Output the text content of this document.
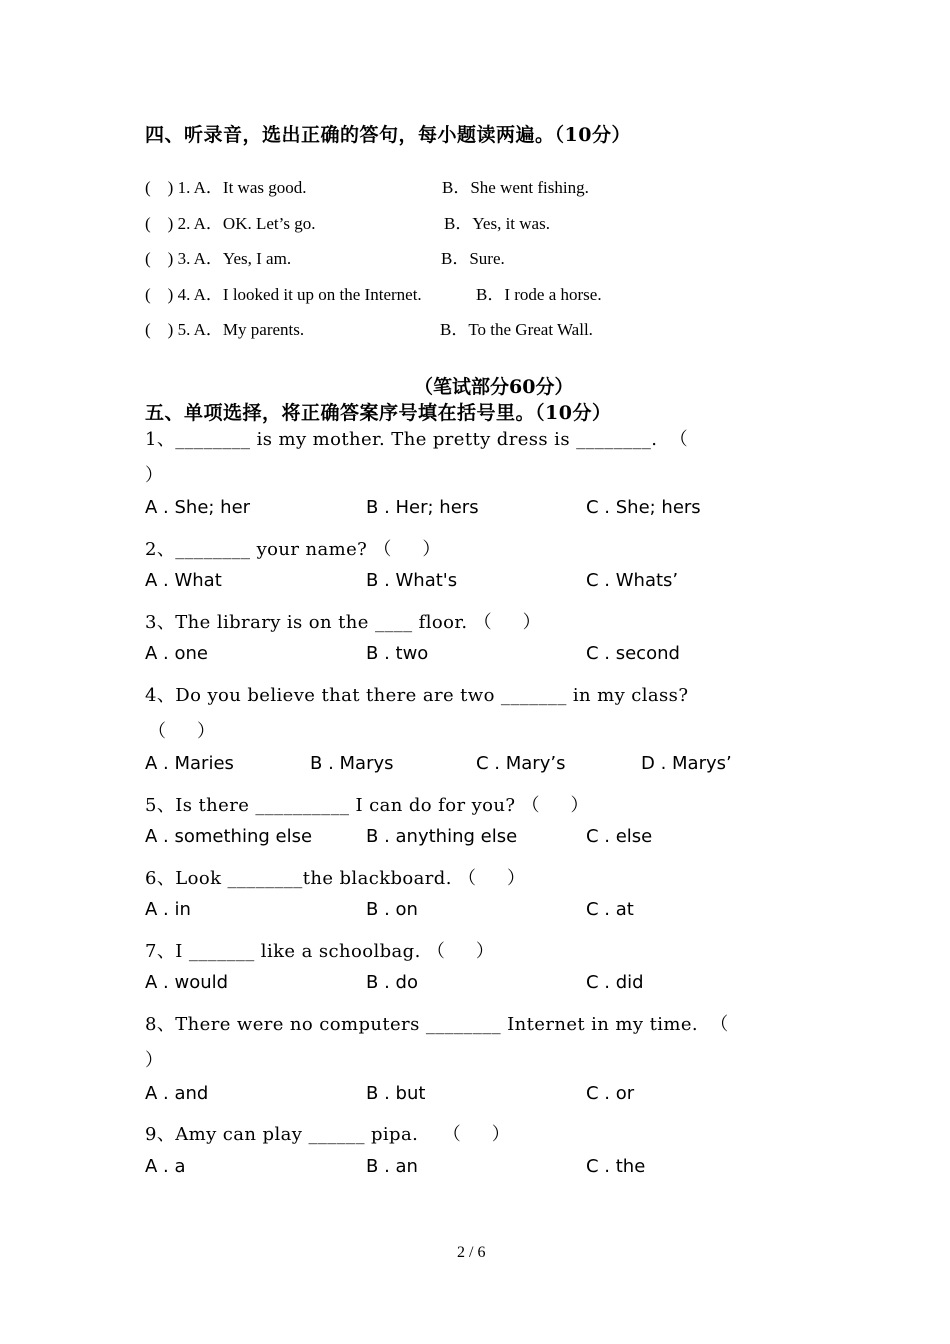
四、听录音，选出正确的答句，每小题读两遍。（10分）
(    ) 1. A．It was good.	B．She went fishing.
(    ) 2. A．OK. Let’s go.	B．Yes, it was.
(    ) 3. A．Yes, I am.	B．Sure.
(    ) 4. A．I looked it up on the Internet.	B．I rode a horse.
(    ) 5. A．My parents.	B．To the Great Wall.
（笔试部分60分）
五、单项选择，将正确答案序号填在括号里。（10分）
1、________ is my mother. The pretty dress is ________.  （
）
A . She; her	B . Her; hers	C . She; hers
2、________ your name? （     ）
A . What	B . What's	C . Whats’
3、The library is on the ____ floor. （     ）
A . one	B . two	C . second
4、Do you believe that there are two _______ in my class?
（     ）
A . Maries	B . Marys	C . Mary’s	D . Marys’
5、Is there __________ I can do for you? （     ）
A . something else	B . anything else	C . else
6、Look ________the blackboard. （     ）
A . in	B . on	C . at
7、I _______ like a schoolbag. （     ）
A . would	B . do	C . did
8、There were no computers ________ Internet in my time.  （
）
A . and	B . but	C . or
9、Amy can play ______ pipa.    （     ）
A . a	B . an	C . the
2 / 6
